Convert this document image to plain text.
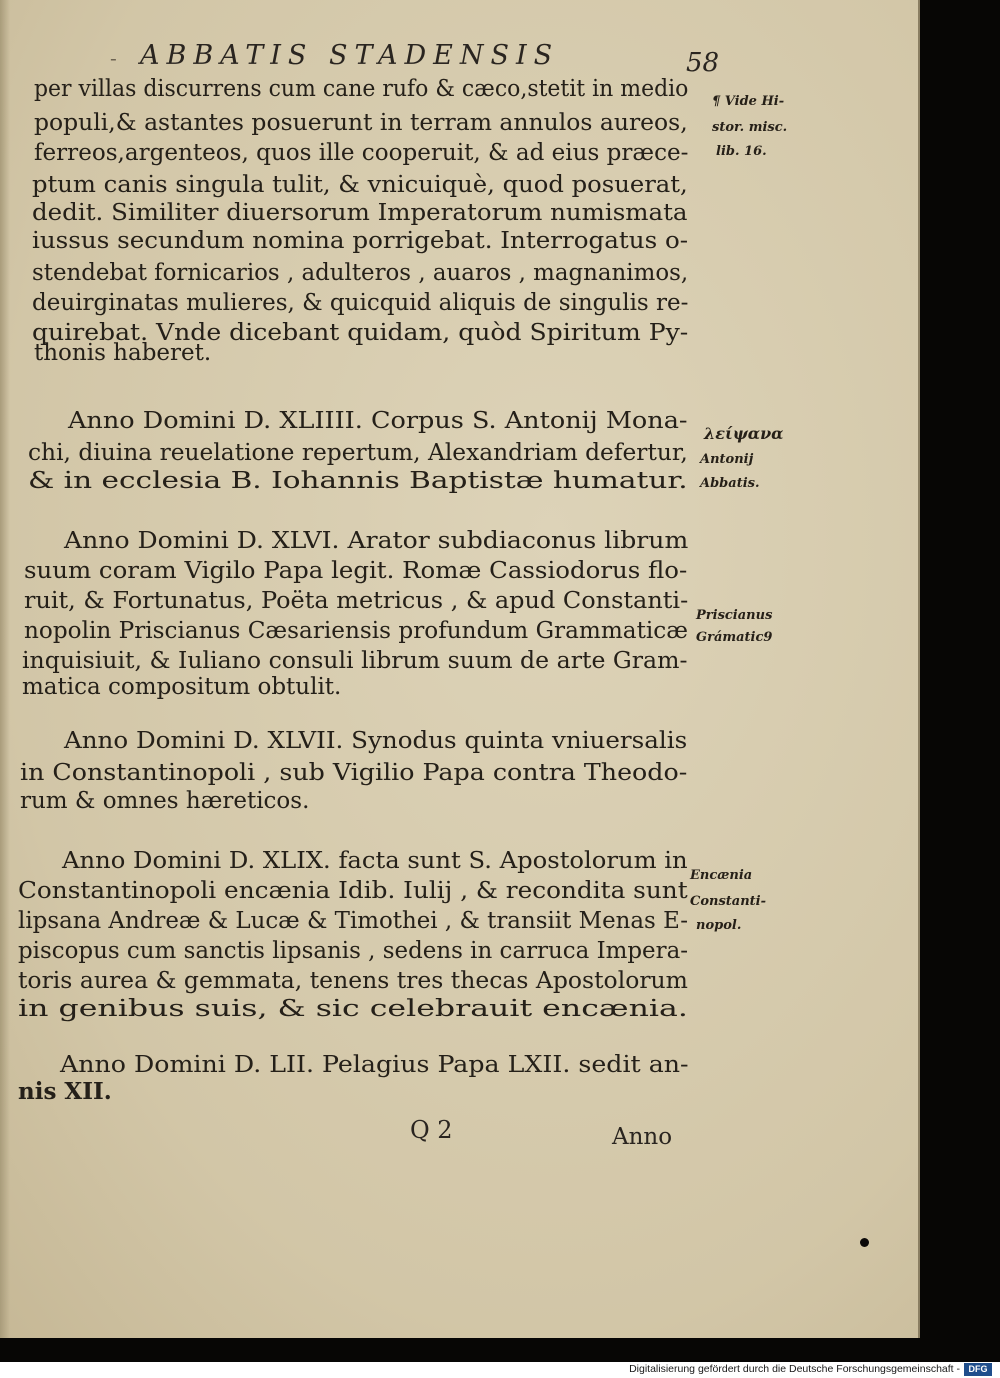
- ABBATIS STADENSIS	58
per villas discurrens cum cane rufo & cæco,stetit in medio
populi,& astantes posuerunt in terram annulos aureos,
ferreos,argenteos, quos ille cooperuit, & ad eius præce-
ptum canis singula tulit, & vnicuiquè, quod posuerat,
dedit. Similiter diuersorum Imperatorum numismata
iussus secundum nomina porrigebat. Interrogatus o-
stendebat fornicarios , adulteros , auaros , magnanimos,
deuirginatas mulieres, & quicquid aliquis de singulis re-
quirebat. Vnde dicebant quidam, quòd Spiritum Py-
thonis haberet.
Anno Domini D. XLIIII. Corpus S. Antonij Mona-
chi, diuina reuelatione repertum, Alexandriam defertur,
& in ecclesia B. Iohannis Baptistæ humatur.
Anno Domini D. XLVI. Arator subdiaconus librum
suum coram Vigilo Papa legit. Romæ Cassiodorus flo-
ruit, & Fortunatus, Poëta metricus , & apud Constanti-
nopolin Priscianus Cæsariensis profundum Grammaticæ
inquisiuit, & Iuliano consuli librum suum de arte Gram-
matica compositum obtulit.
Anno Domini D. XLVII. Synodus quinta vniuersalis
in Constantinopoli , sub Vigilio Papa contra Theodo-
rum & omnes hæreticos.
Anno Domini D. XLIX. facta sunt S. Apostolorum in
Constantinopoli encænia Idib. Iulij , & recondita sunt
lipsana Andreæ & Lucæ & Timothei , & transiit Menas E-
piscopus cum sanctis lipsanis , sedens in carruca Impera-
toris aurea & gemmata, tenens tres thecas Apostolorum
in genibus suis, & sic celebrauit encænia.
Anno Domini D. LII. Pelagius Papa LXII. sedit an-
nis XII.
¶ Vide Hi-
stor. misc.
lib. 16.
λείψανα
Antonij
Abbatis.
Priscianus
Grámatic9
Encænia
Constanti-
nopol.
Q 2	Anno
Digitalisierung gefördert durch die Deutsche Forschungsgemeinschaft - DFG
